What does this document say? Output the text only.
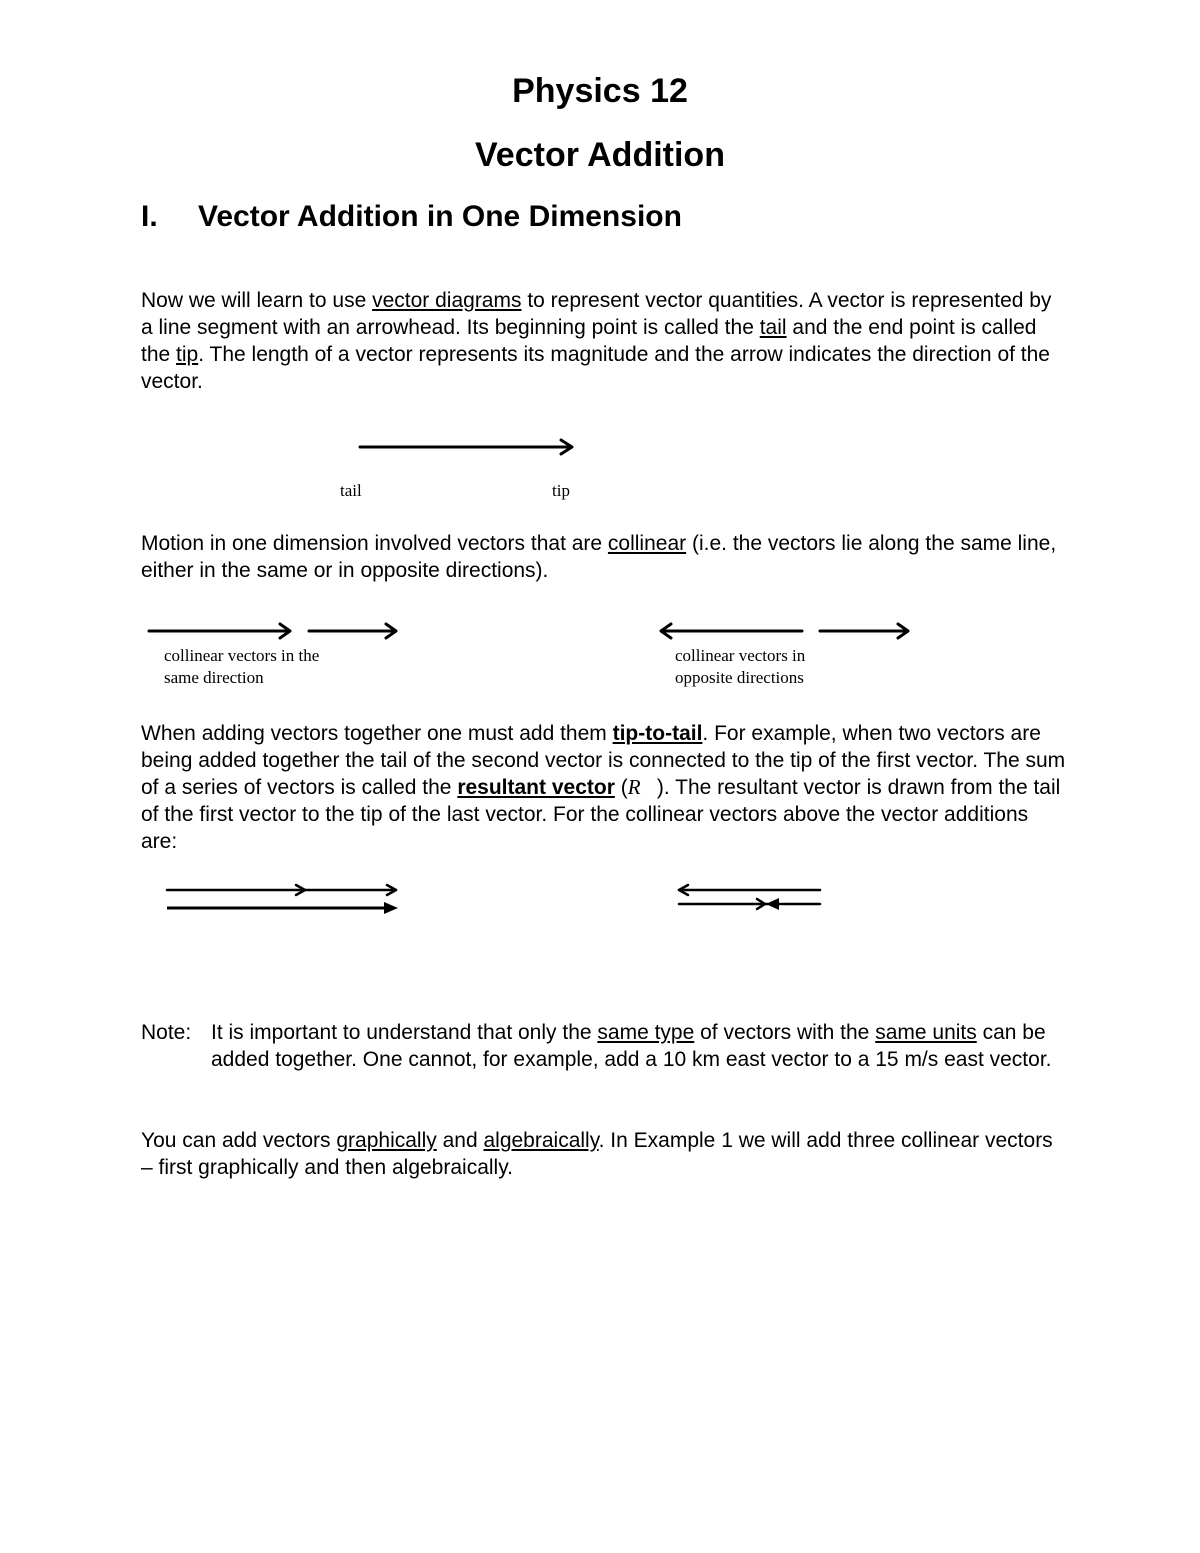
Physics 12
Vector Addition
I. Vector Addition in One Dimension

Now we will learn to use vector diagrams to represent vector quantities. A vector is represented by a line segment with an arrowhead. Its beginning point is called the tail and the end point is called the tip. The length of a vector represents its magnitude and the arrow indicates the direction of the vector.

tail	tip

Motion in one dimension involved vectors that are collinear (i.e. the vectors lie along the same line, either in the same or in opposite directions).

collinear vectors in the
same direction
collinear vectors in
opposite directions

When adding vectors together one must add them tip-to-tail. For example, when two vectors are being added together the tail of the second vector is connected to the tip of the first vector. The sum of a series of vectors is called the resultant vector (R⃗). The resultant vector is drawn from the tail of the first vector to the tip of the last vector. For the collinear vectors above the vector additions are:

Note: It is important to understand that only the same type of vectors with the same units can be added together. One cannot, for example, add a 10 km east vector to a 15 m/s east vector.

You can add vectors graphically and algebraically. In Example 1 we will add three collinear vectors – first graphically and then algebraically.
